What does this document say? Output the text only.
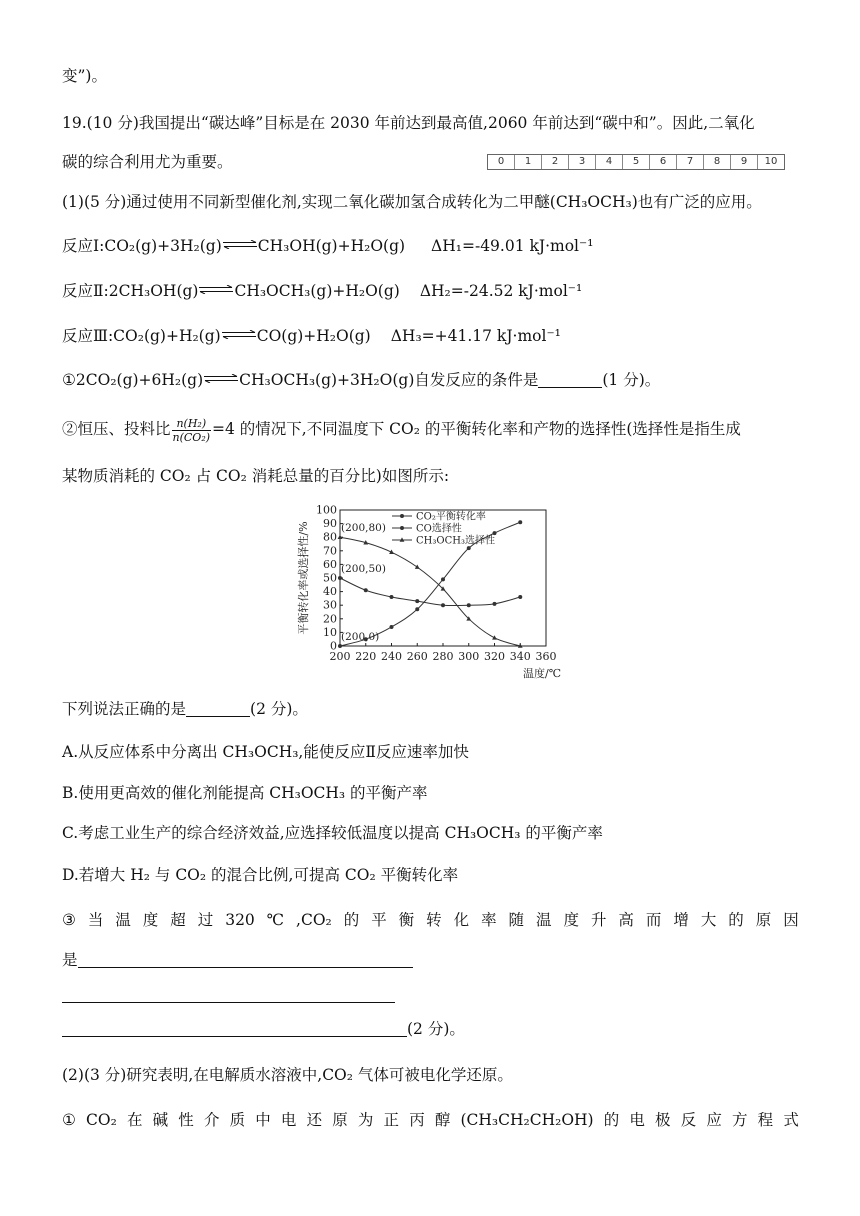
变”)。
19.(10 分)我国提出“碳达峰”目标是在 2030 年前达到最高值,2060 年前达到“碳中和”。因此,二氧化
碳的综合利用尤为重要。	0	1	2	3	4	5	6	7	8	9	10
(1)(5 分)通过使用不同新型催化剂,实现二氧化碳加氢合成转化为二甲醚(CH₃OCH₃)也有广泛的应用。
反应Ⅰ:CO₂(g)+3H₂(g)⇌CH₃OH(g)+H₂O(g) ΔH₁=-49.01 kJ·mol⁻¹
反应Ⅱ:2CH₃OH(g)⇌CH₃OCH₃(g)+H₂O(g) ΔH₂=-24.52 kJ·mol⁻¹
反应Ⅲ:CO₂(g)+H₂(g)⇌CO(g)+H₂O(g) ΔH₃=+41.17 kJ·mol⁻¹
①2CO₂(g)+6H₂(g)⇌CH₃OCH₃(g)+3H₂O(g)自发反应的条件是	(1 分)。
②恒压、投料比 $\frac{\text{n(H₂)}}{\text{n(CO₂)}} =4$ 的情况下,不同温度下 CO₂ 的平衡转化率和产物的选择性(选择性是指生成
某物质消耗的 CO₂ 占 CO₂ 消耗总量的百分比)如图所示:
0
10
20
30
40
50
60
70
80
90
100
200 220 240 260 280 300 320 340 360
温度/℃
平衡转化率或选择性/%	(200,80)
(200,50)
(200,0)
CO₂平衡转化率
CO选择性
CH₃OCH₃选择性
下列说法正确的是	(2 分)。
A.从反应体系中分离出 CH₃OCH₃,能使反应Ⅱ反应速率加快
B.使用更高效的催化剂能提高 CH₃OCH₃ 的平衡产率
C.考虑工业生产的综合经济效益,应选择较低温度以提高 CH₃OCH₃ 的平衡产率
D.若增大 H₂ 与 CO₂ 的混合比例,可提高 CO₂ 平衡转化率
③ 当 温 度 超 过 320 ℃ ,CO₂ 的 平 衡 转 化 率 随 温 度 升 高 而 增 大 的 原 因
是
(2 分)。
(2)(3 分)研究表明,在电解质水溶液中,CO₂ 气体可被电化学还原。
① CO₂ 在 碱 性 介 质 中 电 还 原 为 正 丙 醇 (CH₃CH₂CH₂OH) 的 电 极 反 应 方 程 式
